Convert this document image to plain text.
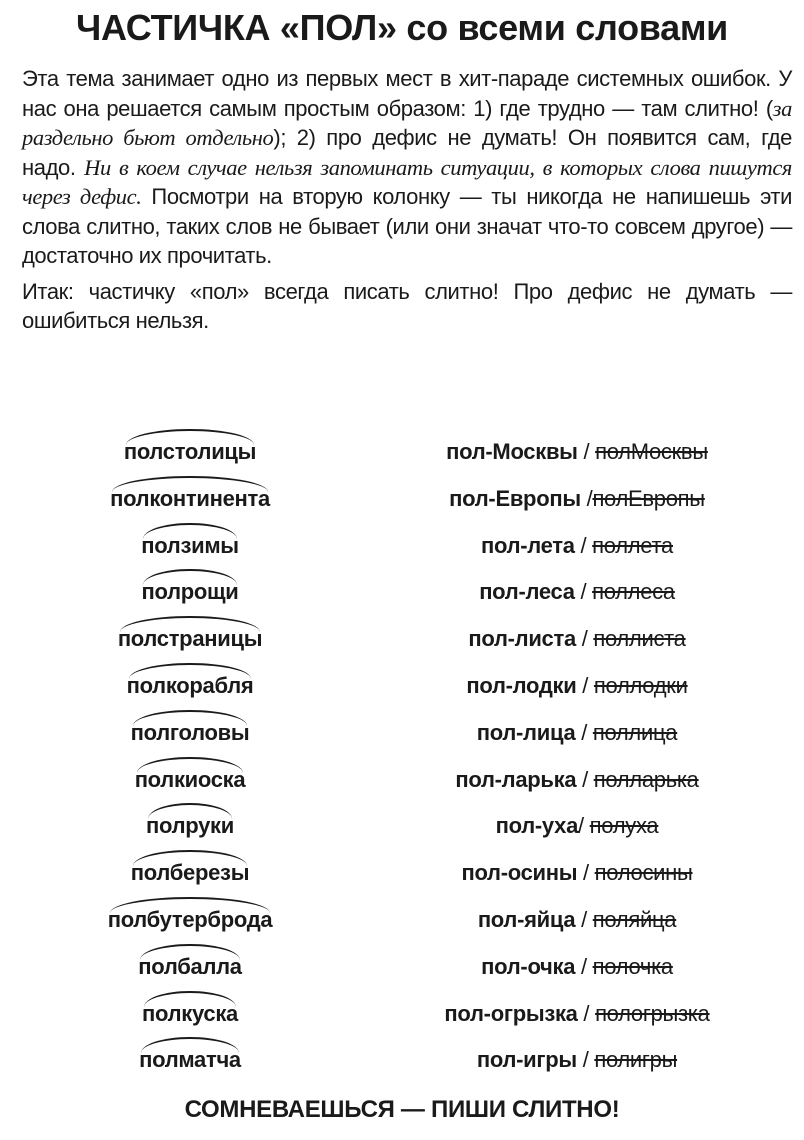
ЧАСТИЧКА «ПОЛ» со всеми словами

Эта тема занимает одно из первых мест в хит-параде системных ошибок. У нас она решается самым простым образом: 1) где трудно — там слитно! (за раздельно бьют отдельно); 2) про дефис не думать! Он появится сам, где надо. Ни в коем случае нельзя запоминать ситуации, в которых слова пишутся через дефис. Посмотри на вторую колонку — ты никогда не напишешь эти слова слитно, таких слов не бывает (или они значат что-то совсем другое) — достаточно их прочитать.

Итак: частичку «пол» всегда писать слитно! Про дефис не думать — ошибиться нельзя.

полстолицы	пол-Москвы / полМосквы
полконтинента	пол-Европы /полЕвропы
ползимы	пол-лета / поллета
полрощи	пол-леса / поллеса
полстраницы	пол-листа / поллиста
полкорабля	пол-лодки / поллодки
полголовы	пол-лица / поллица
полкиоска	пол-ларька / полларька
полруки	пол-уха/ полуха
полберезы	пол-осины / полосины
полбутерброда	пол-яйца / поляйца
полбалла	пол-очка / полочка
полкуска	пол-огрызка / пологрызка
полматча	пол-игры / полигры
СОМНЕВАЕШЬСЯ — ПИШИ СЛИТНО!
